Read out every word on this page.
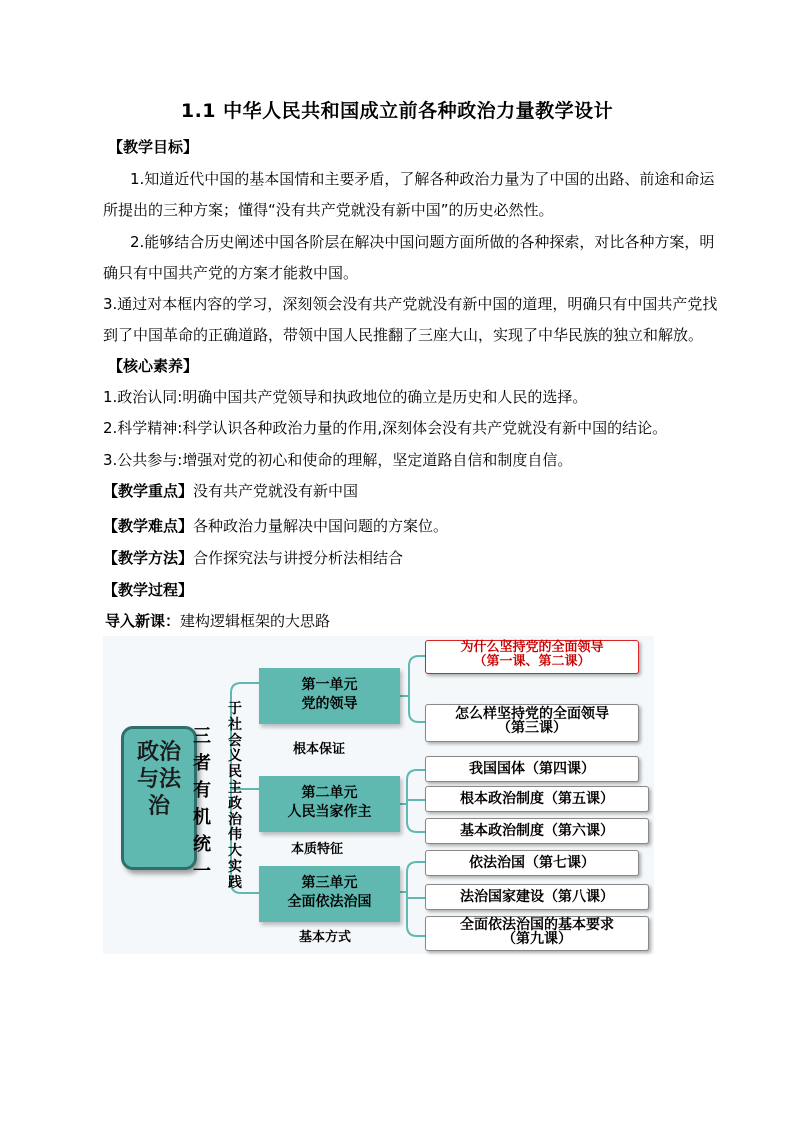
1.1 中华人民共和国成立前各种政治力量教学设计
【教学目标】
1.知道近代中国的基本国情和主要矛盾，了解各种政治力量为了中国的出路、前途和命运
所提出的三种方案；懂得“没有共产党就没有新中国”的历史必然性。
2.能够结合历史阐述中国各阶层在解决中国问题方面所做的各种探索，对比各种方案，明
确只有中国共产党的方案才能救中国。
3.通过对本框内容的学习，深刻领会没有共产党就没有新中国的道理，明确只有中国共产党找
到了中国革命的正确道路，带领中国人民推翻了三座大山，实现了中华民族的独立和解放。
【核心素养】
1.政治认同:明确中国共产党领导和执政地位的确立是历史和人民的选择。
2.科学精神:科学认识各种政治力量的作用,深刻体会没有共产党就没有新中国的结论。
3.公共参与:增强对党的初心和使命的理解，坚定道路自信和制度自信。
【教学重点】没有共产党就没有新中国
【教学难点】各种政治力量解决中国问题的方案位。
【教学方法】合作探究法与讲授分析法相结合
【教学过程】
导入新课：建构逻辑框架的大思路
政治与法治
三者有机统一
于社会义民主政治伟大实践
第一单元
党的领导
根本保证
第二单元
人民当家作主
本质特征
第三单元
全面依法治国
基本方式
为什么坚持党的全面领导
（第一课、第二课）
怎么样坚持党的全面领导
（第三课）
我国国体（第四课）
根本政治制度（第五课）
基本政治制度（第六课）
依法治国（第七课）
法治国家建设（第八课）
全面依法治国的基本要求
（第九课）
